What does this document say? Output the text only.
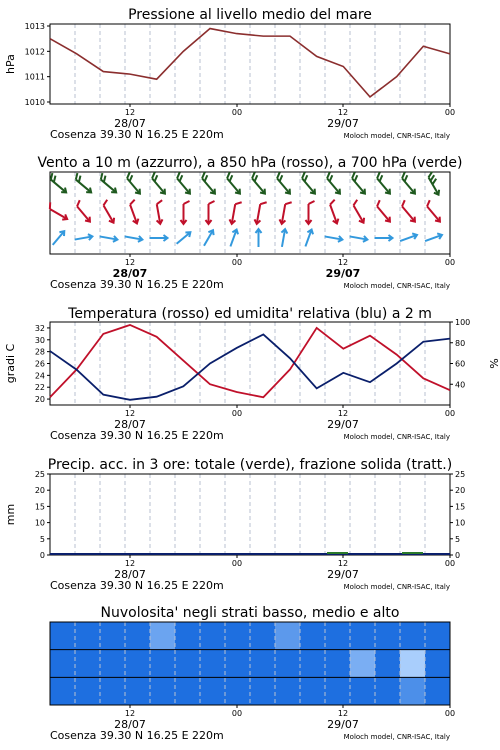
Pressione al livello medio del mare
12	00	12	00
28/07	29/07
Cosenza 39.30 N 16.25 E 220m	Moloch model, CNR-ISAC, Italy
1010
1011
1012
1013
hPa
Vento a 10 m (azzurro), a 850 hPa (rosso), a 700 hPa (verde)
12	00	12	00
28/07	29/07
Cosenza 39.30 N 16.25 E 220m	Moloch model, CNR-ISAC, Italy
Temperatura (rosso) ed umidita' relativa (blu) a 2 m
12	00	12	00
28/07	29/07
Cosenza 39.30 N 16.25 E 220m	Moloch model, CNR-ISAC, Italy
20
22
24
26
28
30
32
40
60
80
100
gradi C	%
Precip. acc. in 3 ore: totale (verde), frazione solida (tratt.)
12	00	12	00
28/07	29/07
Cosenza 39.30 N 16.25 E 220m	Moloch model, CNR-ISAC, Italy
0	0
5	5
10	10
15	15
20	20
25	25
mm
Nuvolosita' negli strati basso, medio e alto
12	00	12	00
28/07	29/07
Cosenza 39.30 N 16.25 E 220m	Moloch model, CNR-ISAC, Italy
